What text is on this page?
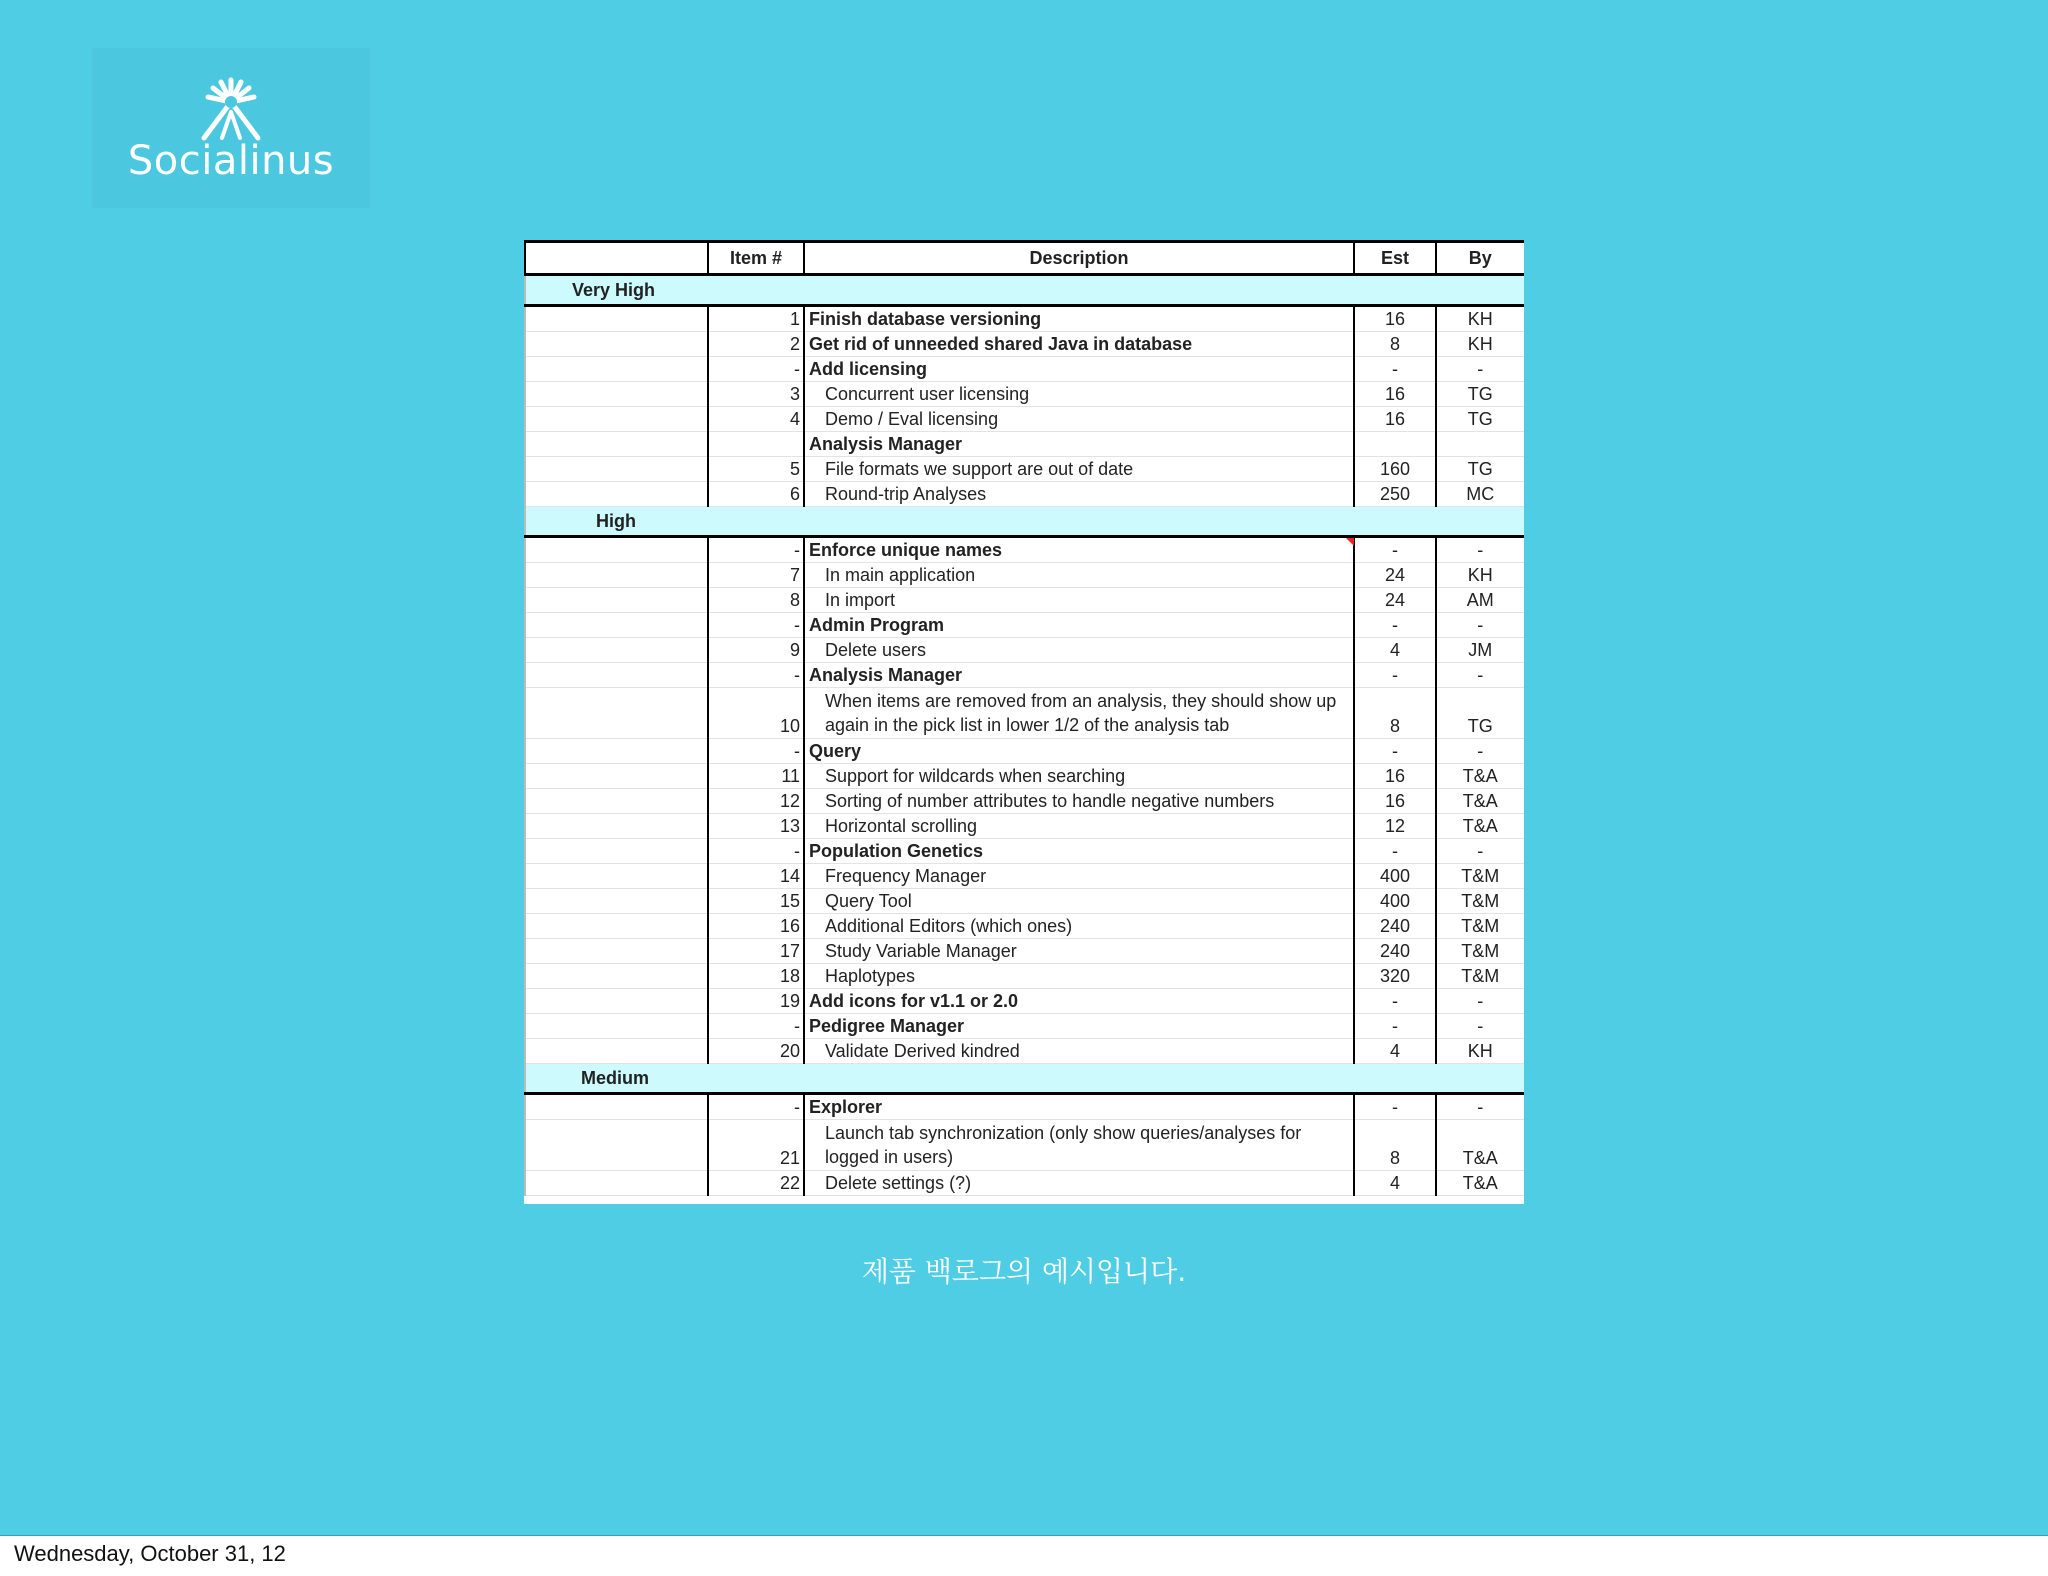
Socialinus
	Item #	Description	Est	By
Very High				
	1	Finish database versioning	16	KH
	2	Get rid of unneeded shared Java in database	8	KH
	-	Add licensing	-	-
	3	Concurrent user licensing	16	TG
	4	Demo / Eval licensing	16	TG
		Analysis Manager		
	5	File formats we support are out of date	160	TG
	6	Round-trip Analyses	250	MC
High				
	-	Enforce unique names	-	-
	7	In main application	24	KH
	8	In import	24	AM
	-	Admin Program	-	-
	9	Delete users	4	JM
	-	Analysis Manager	-	-
	10	When items are removed from an analysis, they should show up again in the pick list in lower 1/2 of the analysis tab	8	TG
	-	Query	-	-
	11	Support for wildcards when searching	16	T&A
	12	Sorting of number attributes to handle negative numbers	16	T&A
	13	Horizontal scrolling	12	T&A
	-	Population Genetics	-	-
	14	Frequency Manager	400	T&M
	15	Query Tool	400	T&M
	16	Additional Editors (which ones)	240	T&M
	17	Study Variable Manager	240	T&M
	18	Haplotypes	320	T&M
	19	Add icons for v1.1 or 2.0	-	-
	-	Pedigree Manager	-	-
	20	Validate Derived kindred	4	KH
Medium				
	-	Explorer	-	-
	21	Launch tab synchronization (only show queries/analyses for logged in users)	8	T&A
	22	Delete settings (?)	4	T&A
제품 백로그의 예시입니다.
Wednesday, October 31, 12
